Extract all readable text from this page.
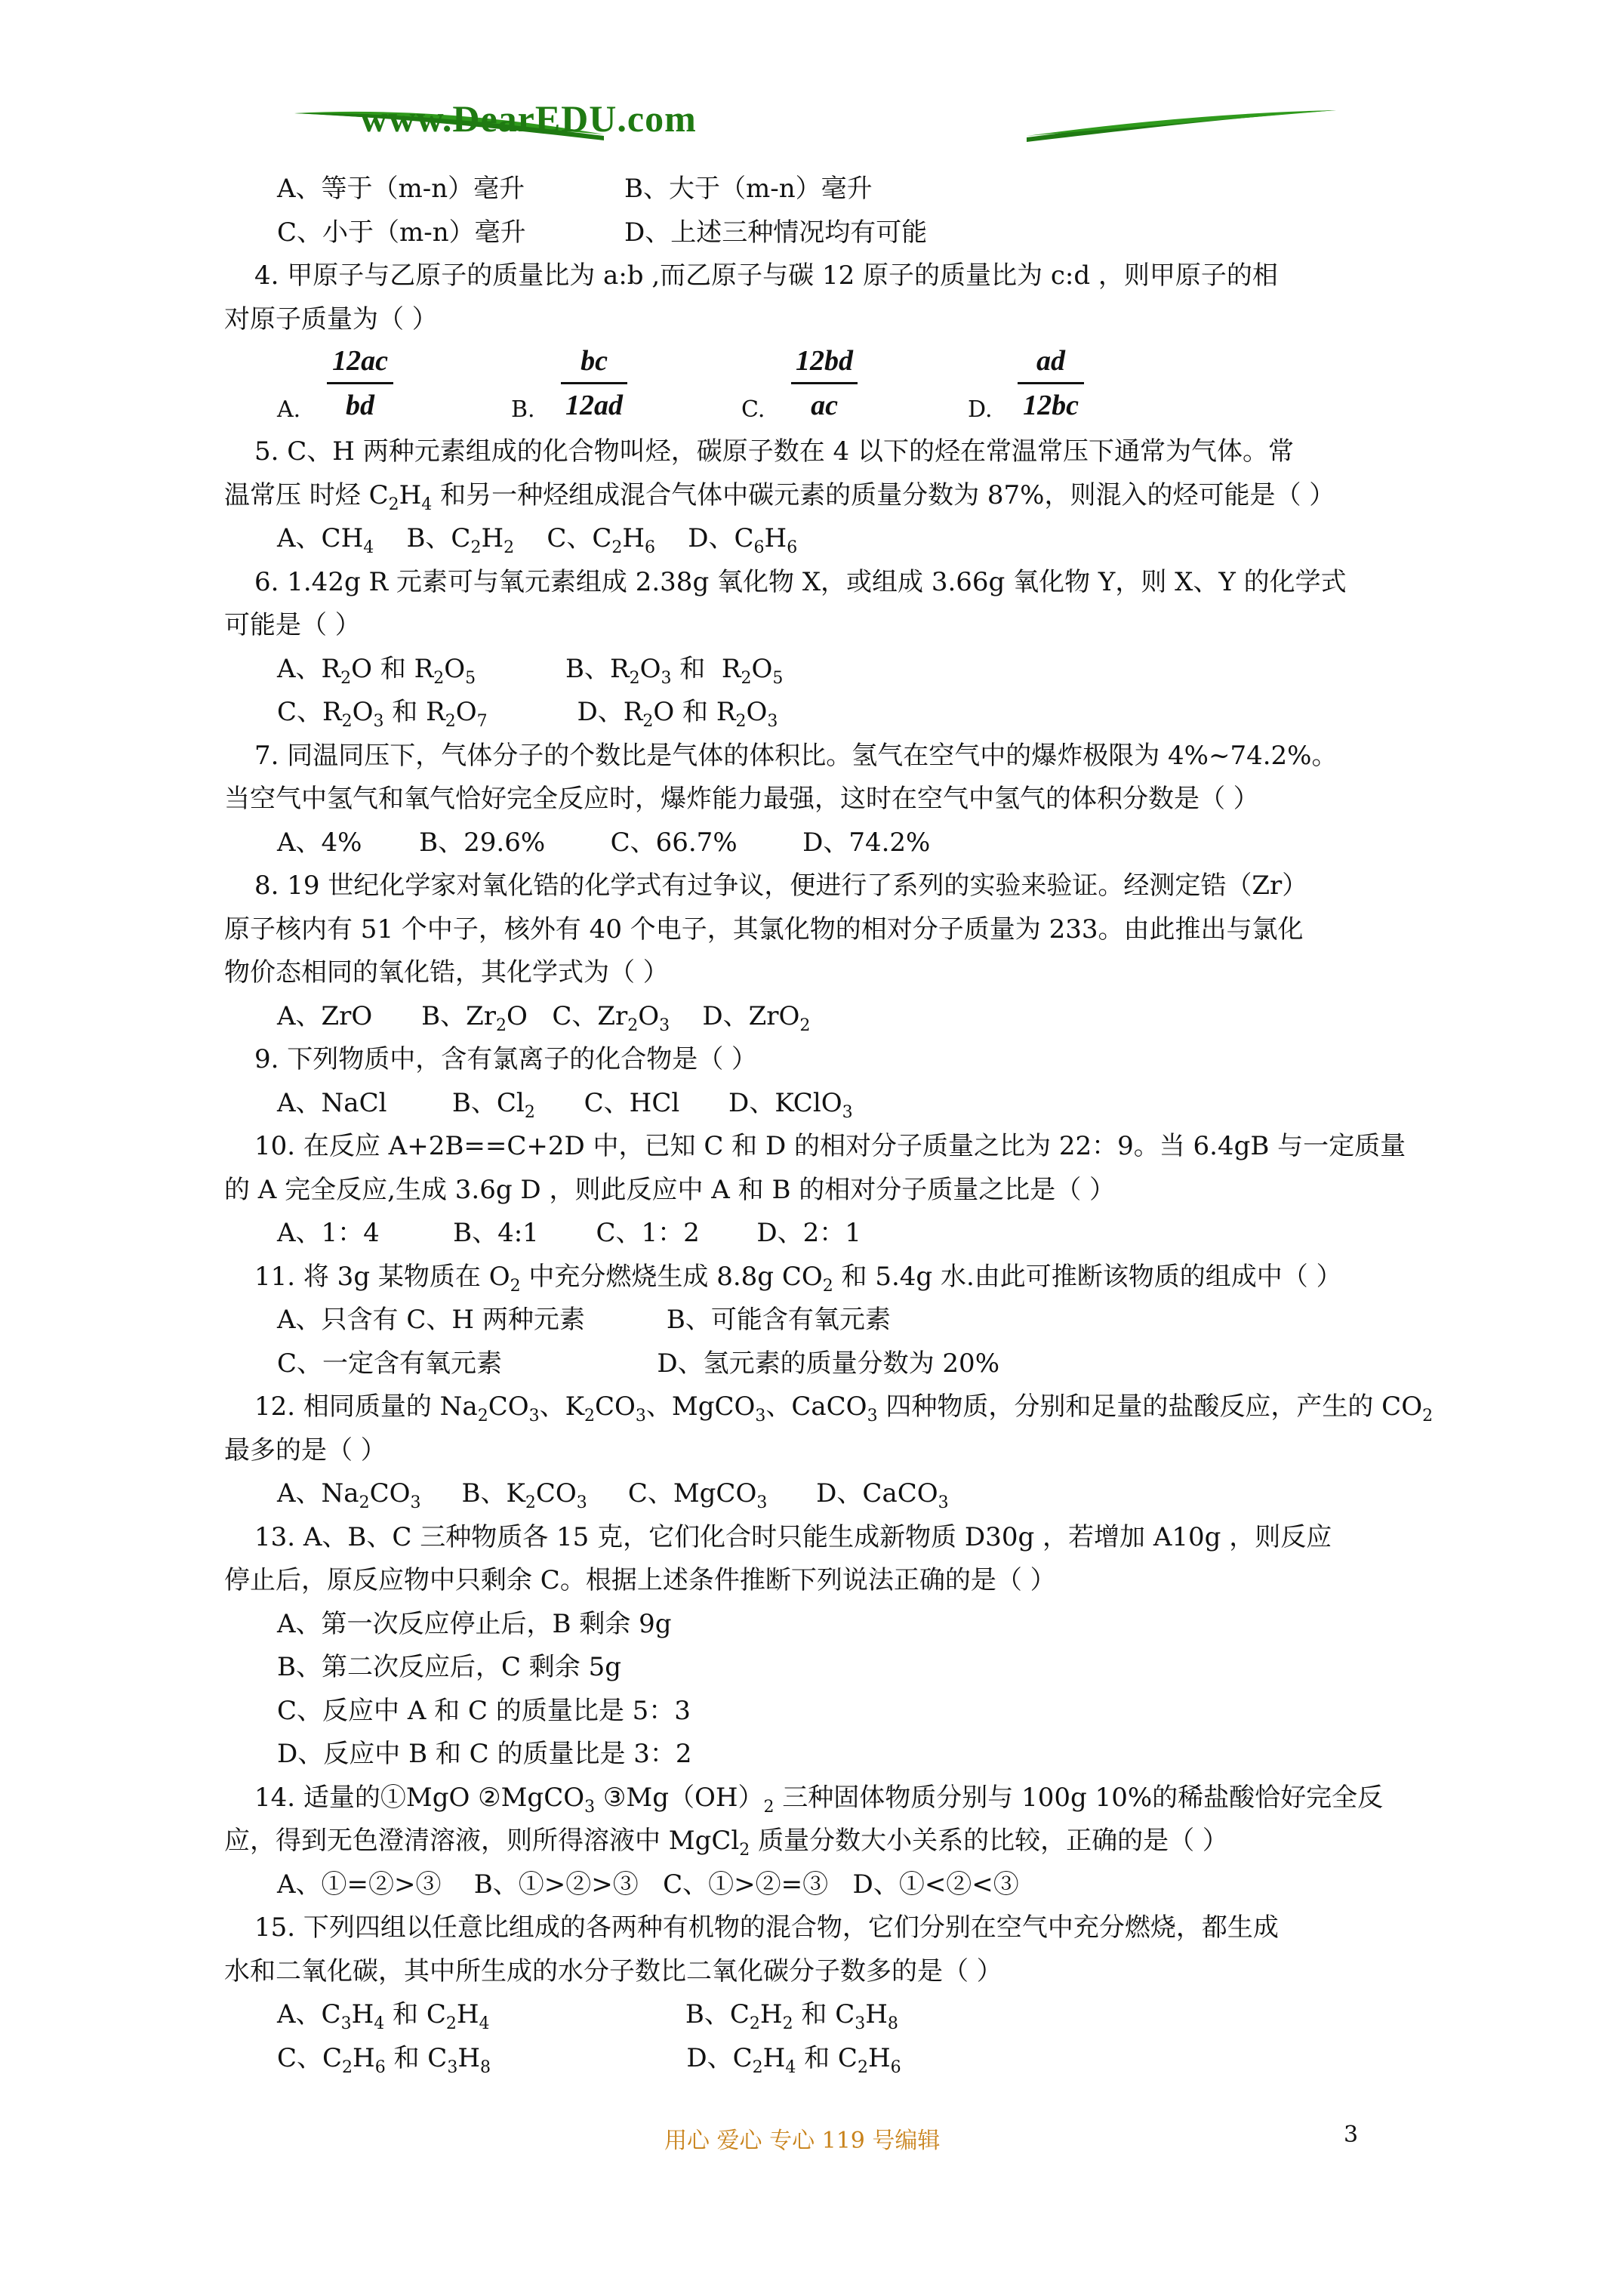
www.DearEDU.com
A、等于（m-n）毫升	B、大于（m-n）毫升
C、小于（m-n）毫升	D、上述三种情况均有可能
4. 甲原子与乙原子的质量比为 a:b ,而乙原子与碳 12 原子的质量比为 c:d ，则甲原子的相
对原子质量为（ ）
A.
12ac
bd	B.
bc
12ad	C.
12bd
ac	D.
ad
12bc
5. C、H 两种元素组成的化合物叫烃，碳原子数在 4 以下的烃在常温常压下通常为气体。常
温常压 时烃 $C_2H_4$ 和另一种烃组成混合气体中碳元素的质量分数为 87%，则混入的烃可能是（ ）
A、$CH_4$    B、$C_2H_2$    C、$C_2H_6$    D、$C_6H_6$
6. 1.42g R 元素可与氧元素组成 2.38g 氧化物 X，或组成 3.66g 氧化物 Y，则 X、Y 的化学式
可能是（ ）
A、$R_2O$ 和 $R_2O_5$           B、$R_2O_3$ 和  $R_2O_5$
C、$R_2O_3$ 和 $R_2O_7$           D、$R_2O$ 和 $R_2O_3$
7. 同温同压下，气体分子的个数比是气体的体积比。氢气在空气中的爆炸极限为 4%~74.2%。
当空气中氢气和氧气恰好完全反应时，爆炸能力最强，这时在空气中氢气的体积分数是（ ）
A、4%       B、29.6%        C、66.7%        D、74.2%
8. 19 世纪化学家对氧化锆的化学式有过争议，便进行了系列的实验来验证。经测定锆（Zr）
原子核内有 51 个中子，核外有 40 个电子，其氯化物的相对分子质量为 233。由此推出与氯化
物价态相同的氧化锆，其化学式为（ ）
A、ZrO      B、$Zr_2O$   C、$Zr_2O_3$    D、ZrO$_2$
9. 下列物质中，含有氯离子的化合物是（ ）
A、NaCl        B、$Cl_2$      C、HCl      D、KClO$_3$
10. 在反应 A+2B==C+2D 中，已知 C 和 D 的相对分子质量之比为 22：9。当 6.4gB 与一定质量
的 A 完全反应,生成 3.6g D ，则此反应中 A 和 B 的相对分子质量之比是（ ）
A、1：4         B、4:1       C、1：2       D、2：1
11. 将 3g 某物质在 $O_2$ 中充分燃烧生成 8.8g $CO_2$ 和 5.4g 水.由此可推断该物质的组成中（ ）
A、只含有 C、H 两种元素          B、可能含有氧元素
C、一定含有氧元素                   D、氢元素的质量分数为 20%
12. 相同质量的 $Na_2CO_3$、$K_2CO_3$、MgCO$_3$、CaCO$_3$ 四种物质，分别和足量的盐酸反应，产生的 $CO_2$
最多的是（ ）
A、$Na_2CO_3$     B、$K_2CO_3$     C、MgCO$_3$      D、CaCO$_3$
13. A、B、C 三种物质各 15 克，它们化合时只能生成新物质 D30g ，若增加 A10g ，则反应
停止后，原反应物中只剩余 C。根据上述条件推断下列说法正确的是（ ）
A、第一次反应停止后，B 剩余 9g
B、第二次反应后，C 剩余 5g
C、反应中 A 和 C 的质量比是 5：3
D、反应中 B 和 C 的质量比是 3：2
14. 适量的①MgO ②MgCO$_3$ $③Mg(OH)_2$ 三种固体物质分别与 100g 10%的稀盐酸恰好完全反
应，得到无色澄清溶液，则所得溶液中 MgCl$_2$ 质量分数大小关系的比较，正确的是（ ）
A、①=②>③    B、①>②>③   C、①>②=③   D、①<②<③
15. 下列四组以任意比组成的各两种有机物的混合物，它们分别在空气中充分燃烧，都生成
水和二氧化碳，其中所生成的水分子数比二氧化碳分子数多的是（ ）
A、$C_3H_4$ 和 $C_2H_4$                        B、$C_2H_2$ 和 $C_3H_8$
C、$C_2H_6$ 和 $C_3H_8$                        D、$C_2H_4$ 和 $C_2H_6$
用心 爱心 专心 119 号编辑	3
